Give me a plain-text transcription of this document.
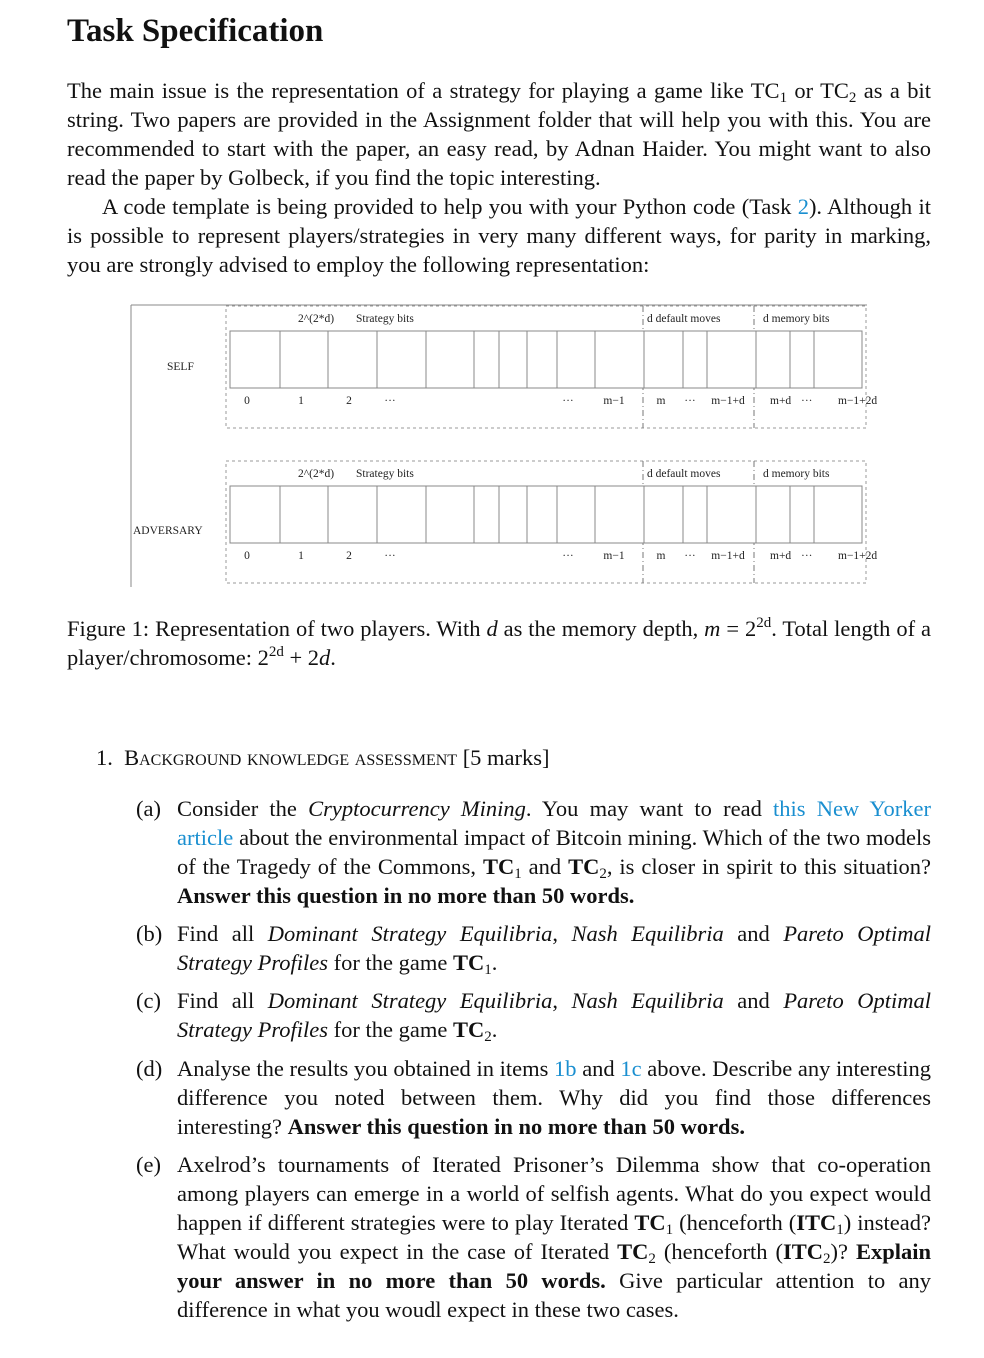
Task Specification

The main issue is the representation of a strategy for playing a game like $TC_1$ or $TC_2$ as a bit string. Two papers are provided in the Assignment folder that will help you with this. You are recommended to start with the paper, an easy read, by Adnan Haider. You might want to also read the paper by Golbeck, if you find the topic interesting.

A code template is being provided to help you with your Python code (Task 2). Although it is possible to represent players/strategies in very many different ways, for parity in marking, you are strongly advised to employ the following representation:

SELF
2^(2*d) Strategy bits	d default moves	d memory bits
0	1	2	···	···	m−1	m ··· m−1+d m+d ··· m−1+2d
ADVERSARY
2^(2*d) Strategy bits	d default moves	d memory bits
0	1	2	···	···	m−1	m ··· m−1+d m+d ··· m−1+2d

Figure 1: Representation of two players. With d as the memory depth, $m = 2^{2d}$. Total length of a player/chromosome: $2^{2d} + 2d$.

1. Background knowledge assessment [5 marks]
(a) Consider the Cryptocurrency Mining. You may want to read this New Yorker article about the environmental impact of Bitcoin mining. Which of the two models of the Tragedy of the Commons, $TC_1$ and $TC_2$, is closer in spirit to this situation? Answer this question in no more than 50 words.
(b) Find all Dominant Strategy Equilibria, Nash Equilibria and Pareto Optimal Strategy Profiles for the game $TC_1$.
(c) Find all Dominant Strategy Equilibria, Nash Equilibria and Pareto Optimal Strategy Profiles for the game $TC_2$.
(d) Analyse the results you obtained in items 1b and 1c above. Describe any interesting difference you noted between them. Why did you find those differences interesting? Answer this question in no more than 50 words.
(e) Axelrod’s tournaments of Iterated Prisoner’s Dilemma show that co-operation among players can emerge in a world of selfish agents. What do you expect would happen if different strategies were to play Iterated $TC_1$ (henceforth $(ITC_1)$ instead? What would you expect in the case of Iterated $TC_2$ (henceforth $(ITC_2)$? Explain your answer in no more than 50 words. Give particular attention to any difference in what you woudl expect in these two cases.
